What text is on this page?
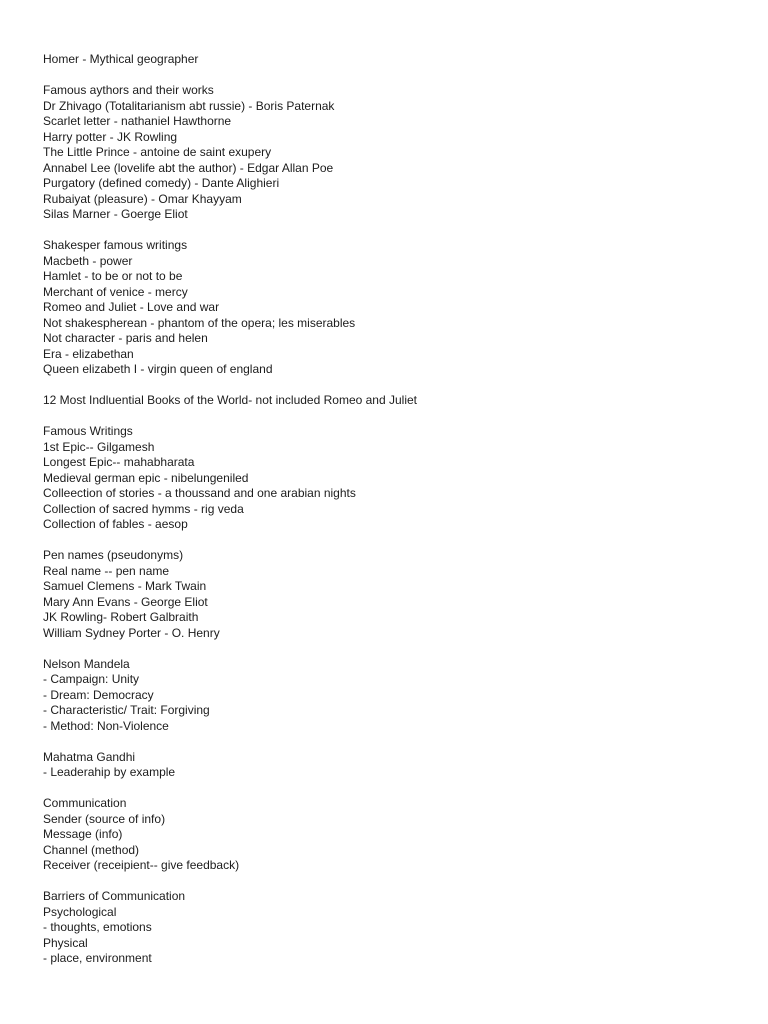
Homer - Mythical geographer
Famous aythors and their works
Dr Zhivago (Totalitarianism abt russie) - Boris Paternak
Scarlet letter - nathaniel Hawthorne
Harry potter - JK Rowling
The Little Prince - antoine de saint exupery
Annabel Lee (lovelife abt the author) - Edgar Allan Poe
Purgatory (defined comedy) - Dante Alighieri
Rubaiyat (pleasure) - Omar Khayyam
Silas Marner - Goerge Eliot
Shakesper famous writings
Macbeth - power
Hamlet - to be or not to be
Merchant of venice - mercy
Romeo and Juliet - Love and war
Not shakespherean - phantom of the opera; les miserables
Not character - paris and helen
Era - elizabethan
Queen elizabeth I - virgin queen of england
12 Most Indluential Books of the World- not included Romeo and Juliet
Famous Writings
1st Epic-- Gilgamesh
Longest Epic-- mahabharata
Medieval german epic - nibelungeniled
Colleection of stories - a thoussand and one arabian nights
Collection of sacred hymms - rig veda
Collection of fables - aesop
Pen names (pseudonyms)
Real name -- pen name
Samuel Clemens - Mark Twain
Mary Ann Evans - George Eliot
JK Rowling- Robert Galbraith
William Sydney Porter - O. Henry
Nelson Mandela
- Campaign: Unity
- Dream: Democracy
- Characteristic/ Trait: Forgiving
- Method: Non-Violence
Mahatma Gandhi
- Leaderahip by example
Communication
Sender (source of info)
Message (info)
Channel (method)
Receiver (receipient-- give feedback)
Barriers of Communication
Psychological
- thoughts, emotions
Physical
- place, environment
